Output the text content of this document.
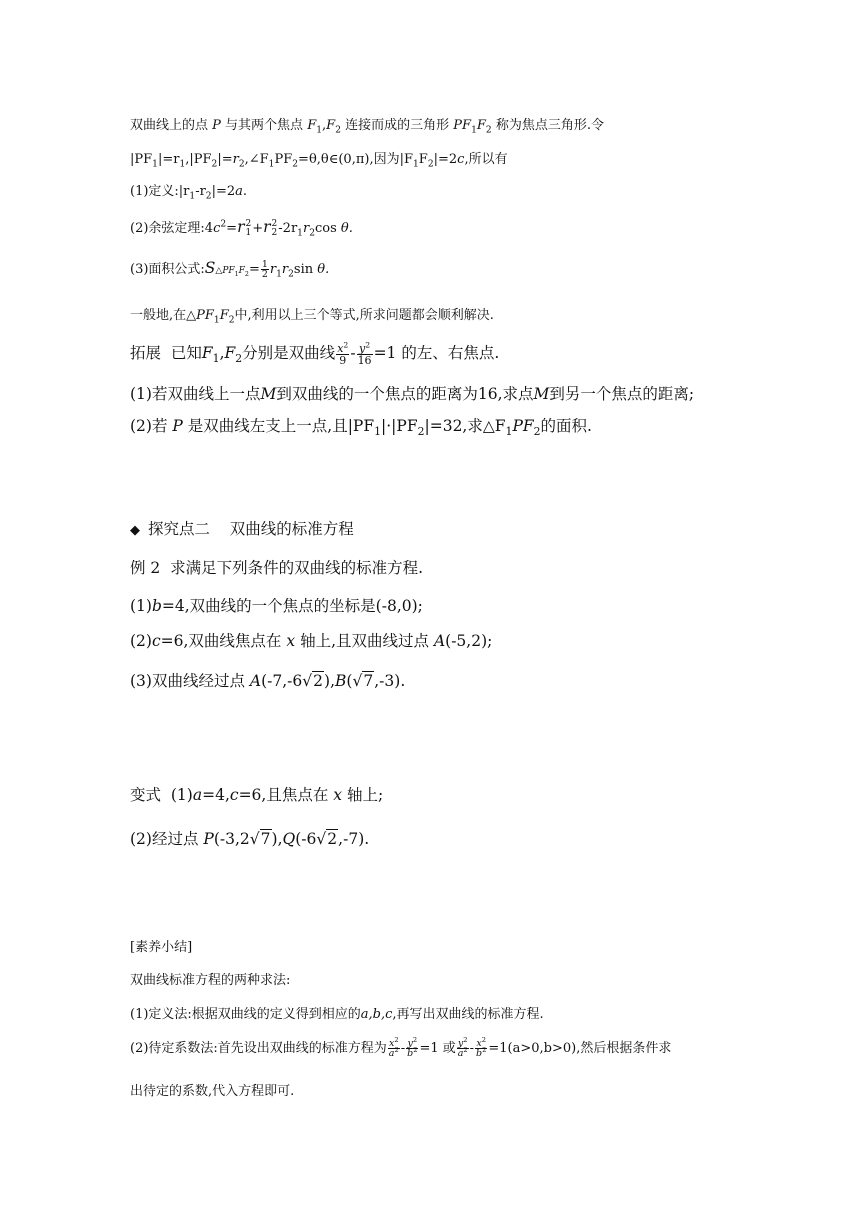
双曲线上的点 P 与其两个焦点 $F_1,F_2$ 连接而成的三角形 $PF_1F_2$ 称为焦点三角形.令
$|PF_1|=r_1,|PF_2|=r_2,\angle F_1PF_2=\theta,\theta\in(0,\pi)$,因为$|F_1F_2|=2c$,所以有
(1)定义$:|r_1-r_2|=2a$.
(2)余弦定理$:4c^2=r$ 2
1 +r 2
2 $-2r_1r_2\cos$ θ.
(3)面积公式$:S\triangle PF_1F_2= \frac{1}{2} r_1r_2\sin$ θ.
一般地,在$\triangle PF_1F_2$中,利用以上三个等式,所求问题都会顺利解决.
拓展 已知$F_1,F_2$分别是双曲线 $\frac{x^2}{9} - \frac{y^2}{16} =1$ 的左、右焦点.
(1)若双曲线上一点M到双曲线的一个焦点的距离为16,求点M到另一个焦点的距离;
(2)若 P 是双曲线左支上一点,且$|PF_1|\cdot|PF_2|=32$,求$\triangle F_1PF_2$的面积.
◆ 探究点二    双曲线的标准方程
例 2  求满足下列条件的双曲线的标准方程.
(1)b=4,双曲线的一个焦点的坐标是(-8,0);
(2)c=6,双曲线焦点在 x 轴上,且双曲线过点 A(-5,2);
(3)双曲线经过点 A(-7,-6√2),B(√7,-3).
变式 (1)a=4,c=6,且焦点在 x 轴上;
(2)经过点 P(-3,2√7),Q(-6√2,-7).
[素养小结]
双曲线标准方程的两种求法:
(1)定义法:根据双曲线的定义得到相应的a,b,c,再写出双曲线的标准方程.
(2)待定系数法:首先设出双曲线的标准方程为 $\frac{x^2}{a^2} - \frac{y^2}{b^2} =1$ 或 $\frac{y^2}{a^2} - \frac{x^2}{b^2} =1(a>0,b>0)$,然后根据条件求
出待定的系数,代入方程即可.
